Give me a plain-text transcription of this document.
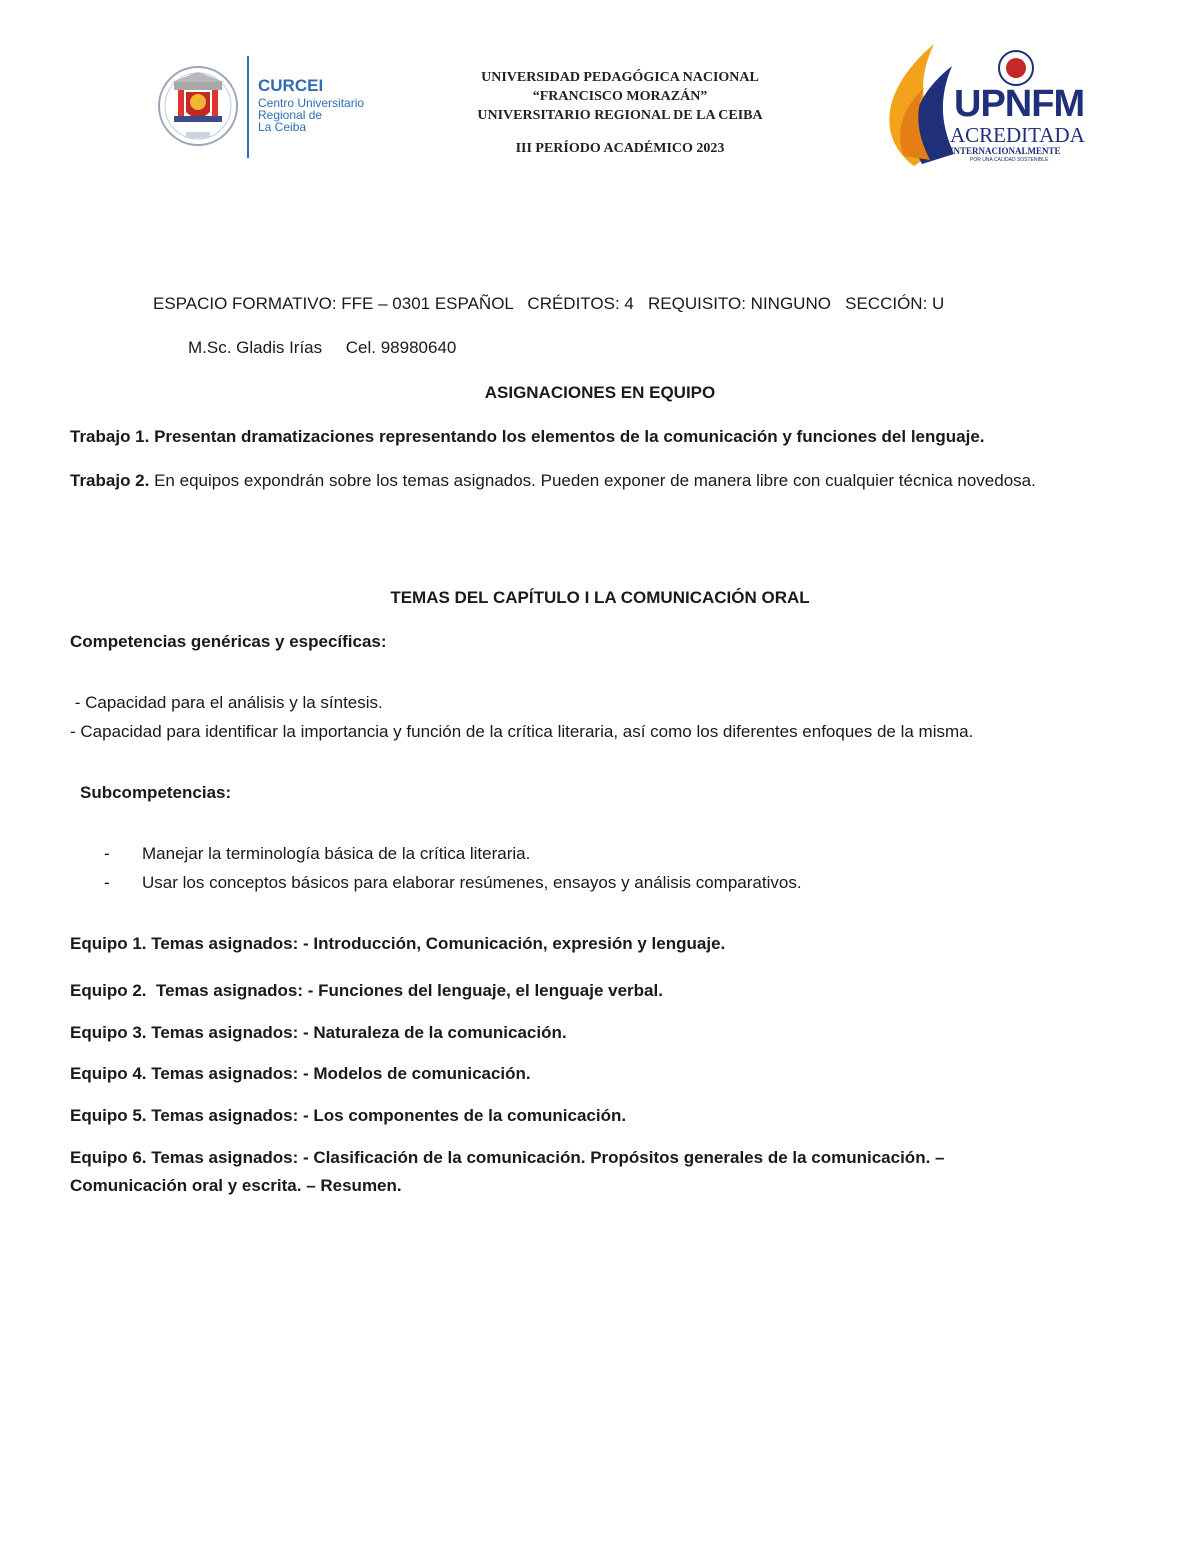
CURCEI
Centro Universitario
Regional de
La Ceiba
UNIVERSIDAD PEDAGÓGICA NACIONAL
“FRANCISCO MORAZÁN”
UNIVERSITARIO REGIONAL DE LA CEIBA
III PERÍODO ACADÉMICO 2023
UPNFM
ACREDITADA
INTERNACIONALMENTE
POR UNA CALIDAD SOSTENIBLE
ESPACIO FORMATIVO: FFE – 0301 ESPAÑOL   CRÉDITOS: 4   REQUISITO: NINGUNO   SECCIÓN: U
M.Sc. Gladis Irías     Cel. 98980640
ASIGNACIONES EN EQUIPO
Trabajo 1. Presentan dramatizaciones representando los elementos de la comunicación y funciones del lenguaje.
Trabajo 2. En equipos expondrán sobre los temas asignados. Pueden exponer de manera libre con cualquier técnica novedosa.
TEMAS DEL CAPÍTULO I LA COMUNICACIÓN ORAL
Competencias genéricas y específicas:
- Capacidad para el análisis y la síntesis.
- Capacidad para identificar la importancia y función de la crítica literaria, así como los diferentes enfoques de la misma.
Subcompetencias:
- Manejar la terminología básica de la crítica literaria.
- Usar los conceptos básicos para elaborar resúmenes, ensayos y análisis comparativos.
Equipo 1. Temas asignados: - Introducción, Comunicación, expresión y lenguaje.
Equipo 2.  Temas asignados: - Funciones del lenguaje, el lenguaje verbal.
Equipo 3. Temas asignados: - Naturaleza de la comunicación.
Equipo 4. Temas asignados: - Modelos de comunicación.
Equipo 5. Temas asignados: - Los componentes de la comunicación.
Equipo 6. Temas asignados: - Clasificación de la comunicación. Propósitos generales de la comunicación. – Comunicación oral y escrita. – Resumen.
